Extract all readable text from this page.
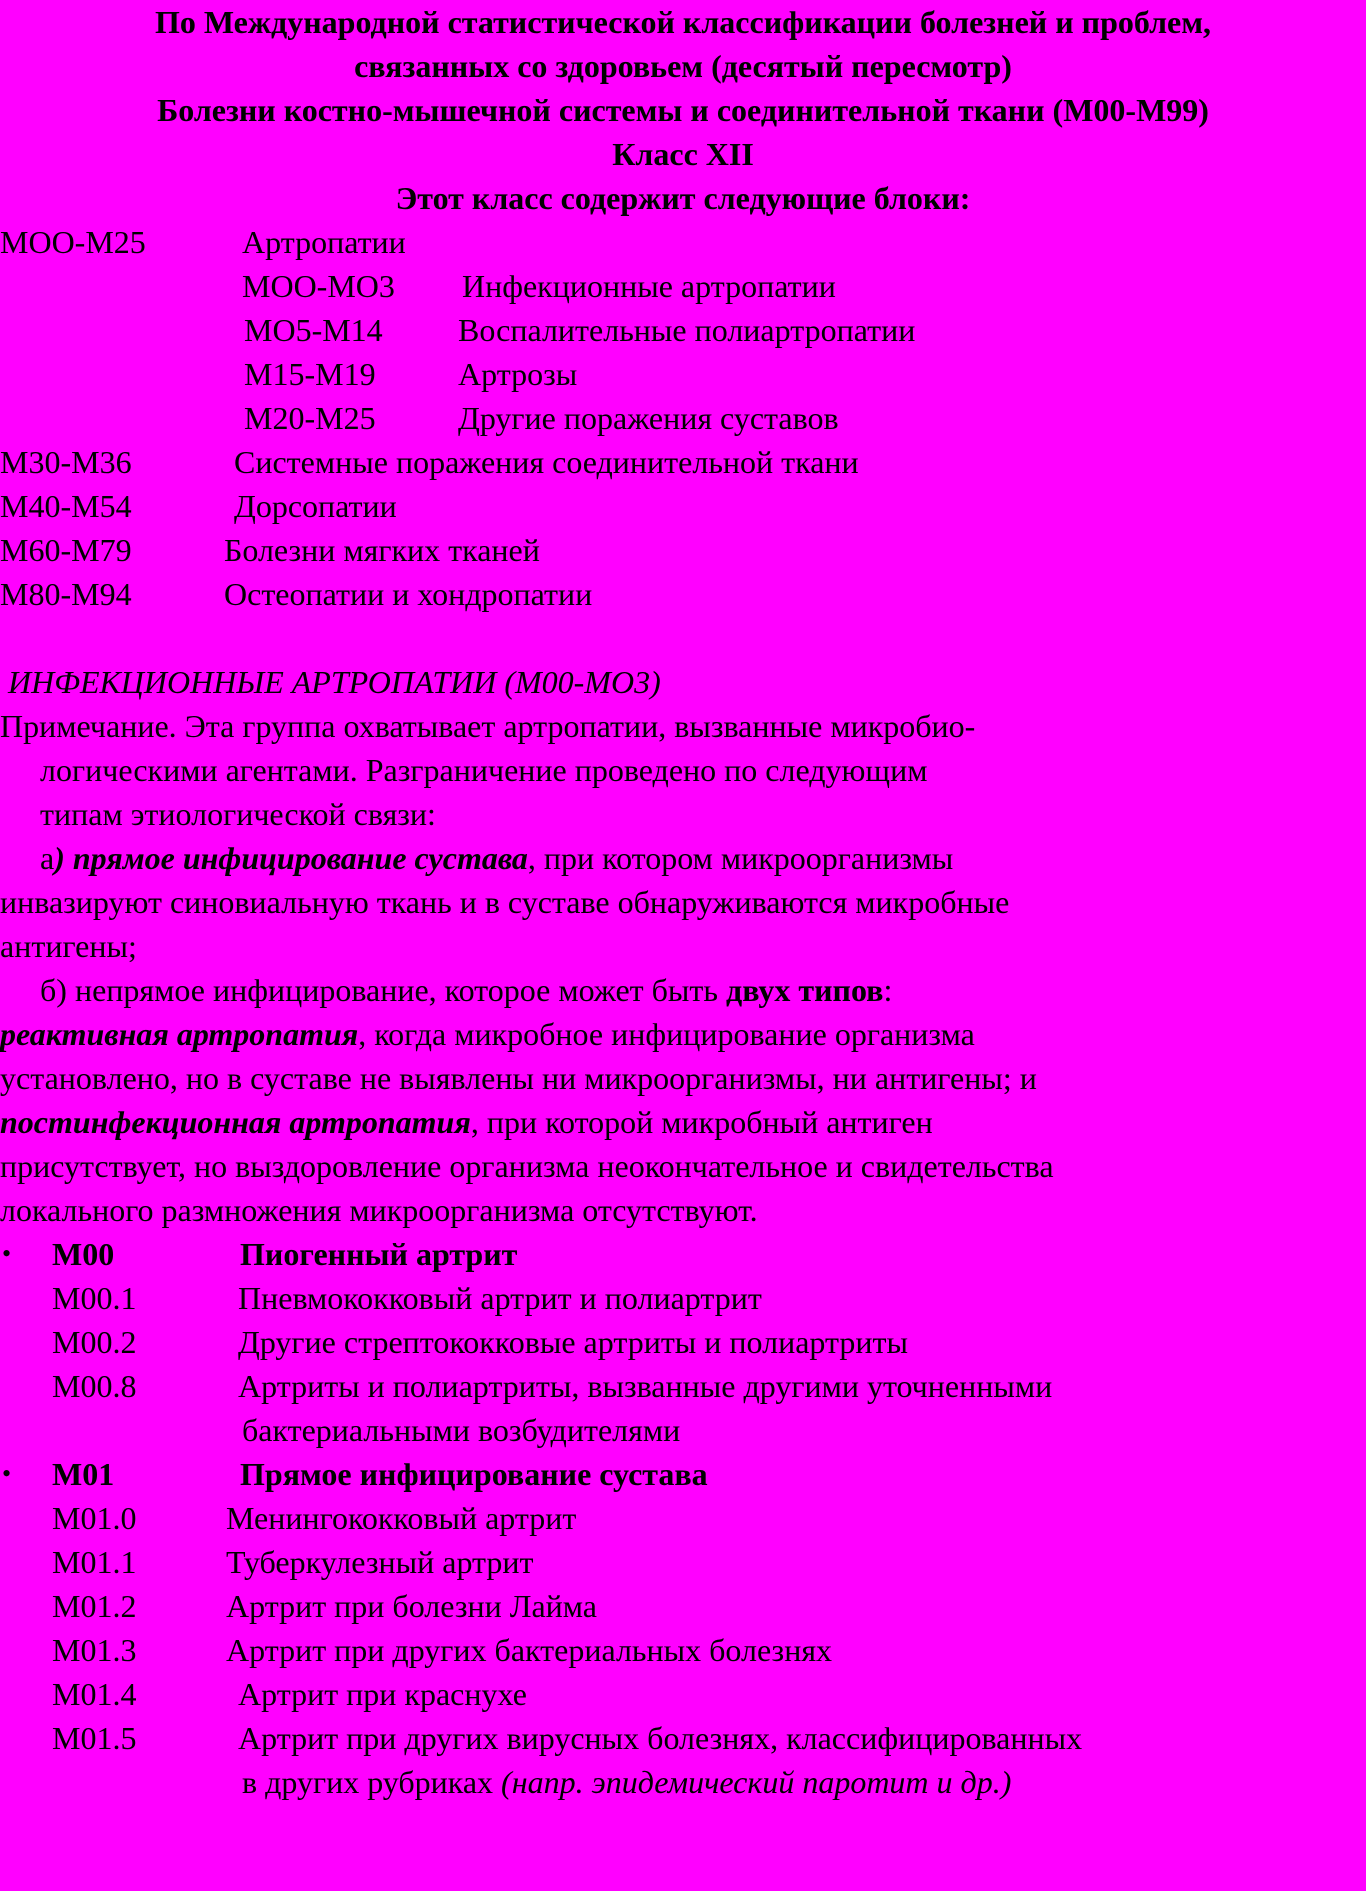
По Международной статистической классификации болезней и проблем,
связанных со здоровьем (десятый пересмотр)
Болезни костно-мышечной системы и соединительной ткани (М00-М99)
Класс XII
Этот класс содержит следующие блоки:
МОО-М25	Артропатии
МОО-МО3 Инфекционные артропатии
МО5-М14 Воспалительные полиартропатии
М15-М19	Артрозы
М20-М25	Другие поражения суставов
М30-М36	Системные поражения соединительной ткани
М40-М54	Дорсопатии
М60-М79	Болезни мягких тканей
М80-М94	Остеопатии и хондропатии
ИНФЕКЦИОННЫЕ АРТРОПАТИИ (М00-МО3)
Примечание. Эта группа охватывает артропатии, вызванные микробио-
логическими агентами. Разграничение проведено по следующим
типам этиологической связи:
а) прямое инфицирование сустава, при котором микроорганизмы
инвазируют синовиальную ткань и в суставе обнаруживаются микробные
антигены;
б) непрямое инфицирование, которое может быть двух типов:
реактивная артропатия, когда микробное инфицирование организма
установлено, но в суставе не выявлены ни микроорганизмы, ни антигены; и
постинфекционная артропатия, при которой микробный антиген
присутствует, но выздоровление организма неокончательное и свидетельства
локального размножения микроорганизма отсутствуют.
• М00	Пиогенный артрит
М00.1	Пневмококковый артрит и полиартрит
М00.2	Другие стрептококковые артриты и полиартриты
М00.8	Артриты и полиартриты, вызванные другими уточненными
бактериальными возбудителями
• М01	Прямое инфицирование сустава
М01.0	Менингококковый артрит
М01.1	Туберкулезный артрит
М01.2	Артрит при болезни Лайма
М01.3	Артрит при других бактериальных болезнях
М01.4	Артрит при краснухе
М01.5	Артрит при других вирусных болезнях, классифицированных
в других рубриках (напр. эпидемический паротит и др.)
